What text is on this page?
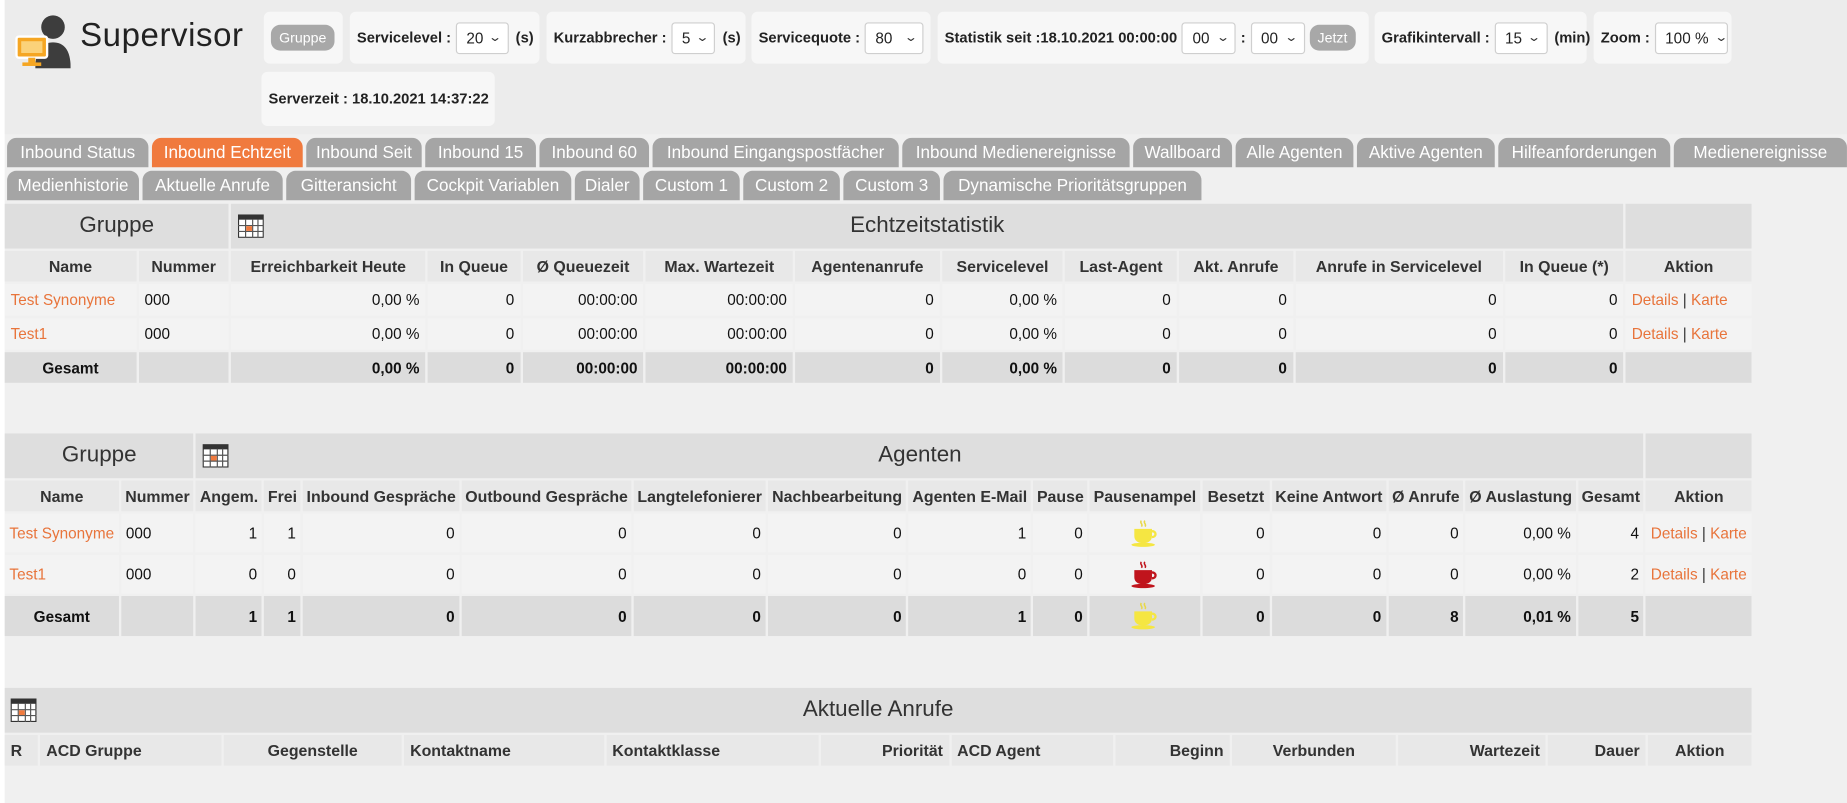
Supervisor	Gruppe	Servicelevel : 20 ⌄ (s) Kurzabbrecher : 5 ⌄ (s) Servicequote : 80 ⌄ Statistik seit :18.10.2021 00:00:00 00 ⌄ : 00 ⌄	Jetzt	Grafikintervall : 15 ⌄ (min) Zoom : 100 % ⌄
Serverzeit : 18.10.2021 14:37:22
Inbound Status	Inbound Echtzeit	Inbound Seit	Inbound 15	Inbound 60	Inbound Eingangspostfächer	Inbound Medienereignisse	Wallboard	Alle Agenten	Aktive Agenten	Hilfeanforderungen	Medienereignisse
Medienhistorie	Aktuelle Anrufe	Gitteransicht	Cockpit Variablen	Dialer	Custom 1	Custom 2	Custom 3	Dynamische Prioritätsgruppen
Gruppe		Echtzeitstatistik										
Name	Nummer	Erreichbarkeit Heute	In Queue	Ø Queuezeit	Max. Wartezeit	Agentenanrufe	Servicelevel	Last-Agent	Akt. Anrufe	Anrufe in Servicelevel	In Queue (*)	Aktion
Test Synonyme	000	0,00 %	0	00:00:00	00:00:00	0	0,00 %	0	0	0	0	Details | Karte
Test1	000	0,00 %	0	00:00:00	00:00:00	0	0,00 %	0	0	0	0	Details | Karte
Gesamt		0,00 %	0	00:00:00	00:00:00	0	0,00 %	0	0	0	0	
Gruppe		Agenten														
Name	Nummer	Angem.	Frei	Inbound Gespräche	Outbound Gespräche	Langtelefonierer	Nachbearbeitung	Agenten E-Mail	Pause	Pausenampel	Besetzt	Keine Antwort	Ø Anrufe	Ø Auslastung	Gesamt	Aktion
Test Synonyme	000	1	1	0	0	0	0	1	0		0	0	0	0,00 %	4	Details | Karte
Test1	000	0	0	0	0	0	0	0	0		0	0	0	0,00 %	2	Details | Karte
Gesamt		1	1	0	0	0	0	1	0		0	0	8	0,01 %	5	
Aktuelle Anrufe
R	ACD Gruppe	Gegenstelle	Kontaktname	Kontaktklasse	Priorität	ACD Agent	Beginn	Verbunden	Wartezeit	Dauer	Aktion
